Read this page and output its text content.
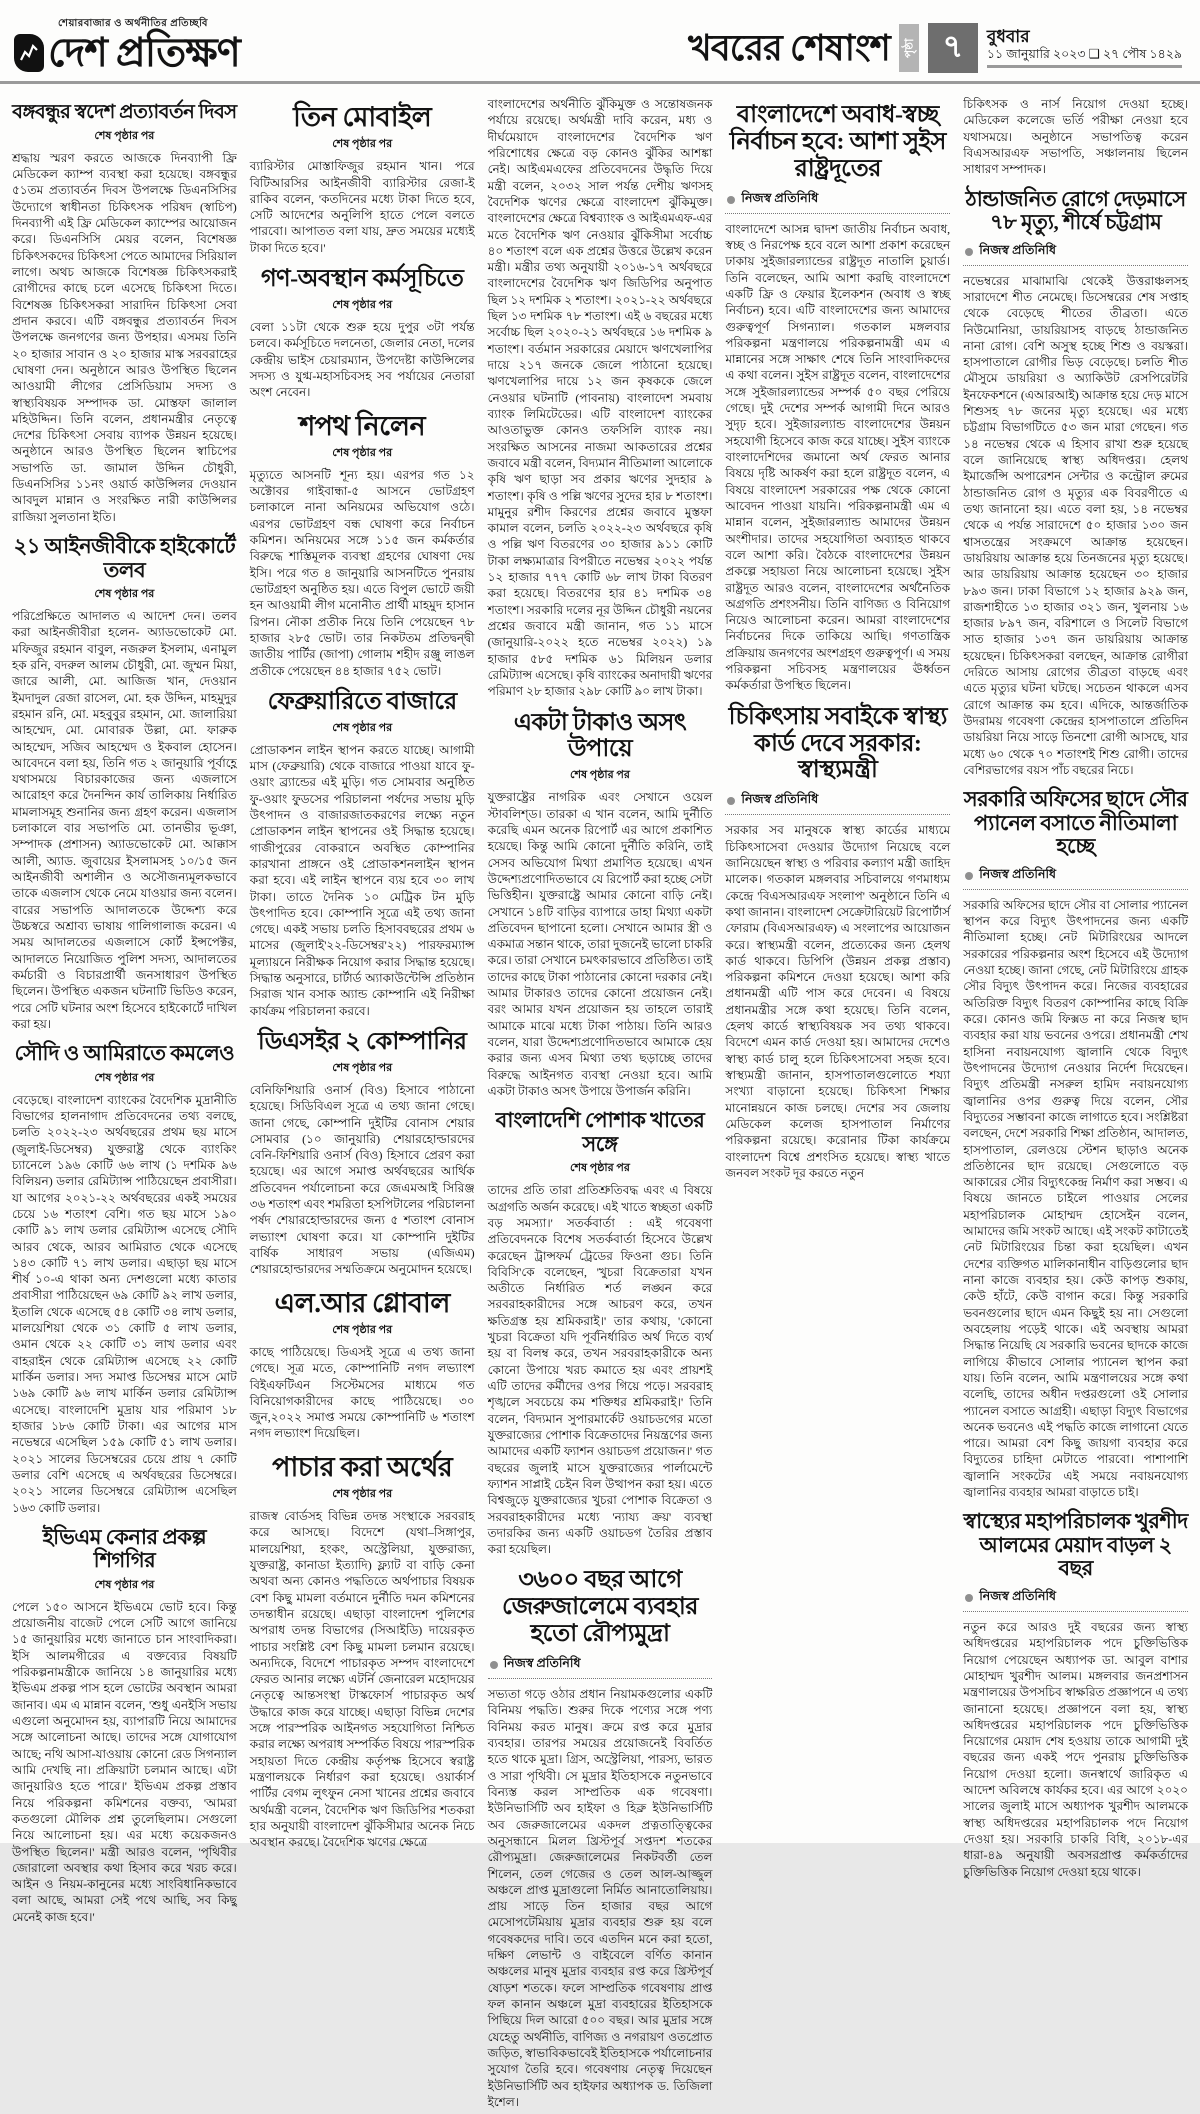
শেয়ারবাজার ও অর্থনীতির প্রতিচ্ছবি
দেশ প্রতিক্ষণ	খবরের শেষাংশ পৃষ্ঠা ৭	বুধবার
১১ জানুয়ারি ২০২৩ ❑ ২৭ পৌষ ১৪২৯
বঙ্গবন্ধুর স্বদেশ প্রত্যাবর্তন দিবস
শেষ পৃষ্ঠার পর

শ্রদ্ধায় স্মরণ করতে আজকে দিনব্যাপী ফ্রি মেডিকেল ক্যাম্প ব্যবস্থা করা হয়েছে। বঙ্গবন্ধুর ৫১তম প্রত্যাবর্তন দিবস উপলক্ষে ডিএনসিসির উদ্যোগে স্বাধীনতা চিকিৎসক পরিষদ (স্বাচিপ) দিনব্যাপী এই ফ্রি মেডিকেল ক্যাম্পের আয়োজন করে। ডিএনসিসি মেয়র বলেন, বিশেষজ্ঞ চিকিৎসকদের চিকিৎসা পেতে আমাদের সিরিয়াল লাগে। অথচ আজকে বিশেষজ্ঞ চিকিৎসকরাই রোগীদের কাছে চলে এসেছে চিকিৎসা দিতে। বিশেষজ্ঞ চিকিৎসকরা সারাদিন চিকিৎসা সেবা প্রদান করবে। এটি বঙ্গবন্ধুর প্রত্যাবর্তন দিবস উপলক্ষে জনগণের জন্য উপহার। এসময় তিনি ২০ হাজার সাবান ও ২০ হাজার মাস্ক সরবরাহের ঘোষণা দেন। অনুষ্ঠানে আরও উপস্থিত ছিলেন আওয়ামী লীগের প্রেসিডিয়াম সদস্য ও স্বাস্থ্যবিষয়ক সম্পাদক ডা. মোস্তফা জালাল মহিউদ্দিন। তিনি বলেন, প্রধানমন্ত্রীর নেতৃত্বে দেশের চিকিৎসা সেবায় ব্যাপক উন্নয়ন হয়েছে। অনুষ্ঠানে আরও উপস্থিত ছিলেন স্বাচিপের সভাপতি ডা. জামাল উদ্দিন চৌধুরী, ডিএনসিসির ১১নং ওয়ার্ড কাউন্সিলর দেওয়ান আবদুল মান্নান ও সংরক্ষিত নারী কাউন্সিলর রাজিয়া সুলতানা ইতি।

২১ আইনজীবীকে হাইকোর্টে তলব
শেষ পৃষ্ঠার পর

পরিপ্রেক্ষিতে আদালত এ আদেশ দেন। তলব করা আইনজীবীরা হলেন- অ্যাডভোকেট মো. মফিজুর রহমান বাবুল, নজরুল ইসলাম, এনামুল হক রনি, বদরুল আলম চৌধুরী, মো. জুম্মন মিয়া, জারে আলী, মো. আজিজ খান, দেওয়ান ইমদাদুল রেজা রাসেল, মো. হক উদ্দিন, মাহমুদুর রহমান রনি, মো. মহবুবুর রহমান, মো. জালারিয়া আহম্মেদ, মো. মোবারক উল্লা, মো. ফারুক আহম্মেদ, সজিব আহম্মেদ ও ইকবাল হোসেন। আবেদনে বলা হয়, তিনি গত ২ জানুয়ারি পূর্বাহ্ণে যথাসময়ে বিচারকাজের জন্য এজলাসে আরোহণ করে দৈনন্দিন কার্য তালিকায় নির্ধারিত মামলাসমূহ শুনানির জন্য গ্রহণ করেন। এজলাস চলাকালে বার সভাপতি মো. তানভীর ভূঞা, সম্পাদক (প্রশাসন) অ্যাডভোকেট মো. আক্কাস আলী, অ্যাড. জুবায়ের ইসলামসহ ১০/১৫ জন আইনজীবী অশালীন ও অসৌজন্যমূলকভাবে তাকে এজলাস থেকে নেমে যাওয়ার জন্য বলেন। বারের সভাপতি আদালতকে উদ্দেশ্য করে উচ্চস্বরে অশ্রাব্য ভাষায় গালিগালাজ করেন। এ সময় আদালতের এজলাসে কোর্ট ইন্সপেক্টর, আদালতে নিয়োজিত পুলিশ সদস্য, আদালতের কর্মচারী ও বিচারপ্রার্থী জনসাধারণ উপস্থিত ছিলেন। উপস্থিত একজন ঘটনাটি ভিডিও করেন, পরে সেটি ঘটনার অংশ হিসেবে হাইকোর্টে দাখিল করা হয়।

সৌদি ও আমিরাতে কমলেও
শেষ পৃষ্ঠার পর

বেড়েছে। বাংলাদেশ ব্যাংকের বৈদেশিক মুদ্রানীতি বিভাগের হালনাগাদ প্রতিবেদনের তথ্য বলছে, চলতি ২০২২-২৩ অর্থবছরের প্রথম ছয় মাসে (জুলাই-ডিসেম্বর) যুক্তরাষ্ট্র থেকে ব্যাংকিং চ্যানেলে ১৯৬ কোটি ৬৬ লাখ (১ দশমিক ৯৬ বিলিয়ন) ডলার রেমিট্যান্স পাঠিয়েছেন প্রবাসীরা। যা আগের ২০২১-২২ অর্থবছরের একই সময়ের চেয়ে ১৬ শতাংশ বেশি। গত ছয় মাসে ১৯০ কোটি ৯১ লাখ ডলার রেমিট্যান্স এসেছে সৌদি আরব থেকে, আরব আমিরাত থেকে এসেছে ১৪৩ কোটি ৭১ লাখ ডলার। এছাড়া ছয় মাসে শীর্ষ ১০-এ থাকা অন্য দেশগুলো মধ্যে কাতার প্রবাসীরা পাঠিয়েছেন ৬৯ কোটি ৯২ লাখ ডলার, ইতালি থেকে এসেছে ৫৪ কোটি ৩৪ লাখ ডলার, মালয়েশিয়া থেকে ৩১ কোটি ৫ লাখ ডলার, ওমান থেকে ২২ কোটি ৩১ লাখ ডলার এবং বাহরাইন থেকে রেমিট্যান্স এসেছে ২২ কোটি মার্কিন ডলার। সদ্য সমাপ্ত ডিসেম্বর মাসে মোট ১৬৯ কোটি ৯৬ লাখ মার্কিন ডলার রেমিট্যান্স এসেছে। বাংলাদেশি মুদ্রায় যার পরিমাণ ১৮ হাজার ১৮৬ কোটি টাকা। এর আগের মাস নভেম্বরে এসেছিল ১৫৯ কোটি ৫১ লাখ ডলার। ২০২১ সালের ডিসেম্বরের চেয়ে প্রায় ৭ কোটি ডলার বেশি এসেছে এ অর্থবছরের ডিসেম্বরে। ২০২১ সালের ডিসেম্বরে রেমিট্যান্স এসেছিল ১৬৩ কোটি ডলার।

ইভিএম কেনার প্রকল্প শিগগির
শেষ পৃষ্ঠার পর

পেলে ১৫০ আসনে ইভিএমে ভোট হবে। কিন্তু প্রয়োজনীয় বাজেট পেলে সেটি আগে জানিয়ে ১৫ জানুয়ারির মধ্যে জানাতে চান সাংবাদিকরা। ইসি আলমগীরের এ বক্তব্যের বিষয়টি পরিকল্পনামন্ত্রীকে জানিয়ে ১৪ জানুয়ারির মধ্যে ইভিএম প্রকল্প পাস হলে ভোটের অবস্থান আমরা জানাব। এম এ মান্নান বলেন, 'শুধু এনইসি সভায় এগুলো অনুমোদন হয়, ব্যাপারটি নিয়ে আমাদের সঙ্গে আলোচনা আছে। তাদের সঙ্গে যোগাযোগ আছে; নথি আসা-যাওয়ায় কোনো রেড সিগন্যাল আমি দেখছি না। প্রক্রিয়াটা চলমান আছে। এটা জানুয়ারিও হতে পারে।' ইভিএম প্রকল্প প্রস্তাব নিয়ে পরিকল্পনা কমিশনের বক্তব্য, 'আমরা কতগুলো মৌলিক প্রশ্ন তুলেছিলাম। সেগুলো নিয়ে আলোচনা হয়। এর মধ্যে কয়েকজনও উপস্থিত ছিলেন।' মন্ত্রী আরও বলেন, 'পৃথিবীর জোরালো অবস্থার কথা হিসাব করে খরচ করে। আইন ও নিয়ম-কানুনের মধ্যে সাংবিধানিকভাবে বলা আছে, আমরা সেই পথে আছি, সব কিছু মেনেই কাজ হবে।'

তিন মোবাইল
শেষ পৃষ্ঠার পর

ব্যারিস্টার মোস্তাফিজুর রহমান খান। পরে বিটিআরসির আইনজীবী ব্যারিস্টার রেজা-ই রাকিব বলেন, 'কতদিনের মধ্যে টাকা দিতে হবে, সেটি আদেশের অনুলিপি হাতে পেলে বলতে পারবো। আপাতত বলা যায়, দ্রুত সময়ের মধ্যেই টাকা দিতে হবে।'

গণ-অবস্থান কর্মসূচিতে
শেষ পৃষ্ঠার পর

বেলা ১১টা থেকে শুরু হয়ে দুপুর ৩টা পর্যন্ত চলবে। কর্মসূচিতে দলনেতা, জেলার নেতা, দলের কেন্দ্রীয় ভাইস চেয়ারম্যান, উপদেষ্টা কাউন্সিলের সদস্য ও যুগ্ম-মহাসচিবসহ সব পর্যায়ের নেতারা অংশ নেবেন।

শপথ নিলেন
শেষ পৃষ্ঠার পর

মৃত্যুতে আসনটি শূন্য হয়। এরপর গত ১২ অক্টোবর গাইবান্ধা-৫ আসনে ভোটগ্রহণ চলাকালে নানা অনিয়মের অভিযোগ ওঠে। এরপর ভোটগ্রহণ বন্ধ ঘোষণা করে নির্বাচন কমিশন। অনিয়মের সঙ্গে ১১৫ জন কর্মকর্তার বিরুদ্ধে শাস্তিমূলক ব্যবস্থা গ্রহণের ঘোষণা দেয় ইসি। পরে গত ৪ জানুয়ারি আসনটিতে পুনরায় ভোটগ্রহণ অনুষ্ঠিত হয়। এতে বিপুল ভোটে জয়ী হন আওয়ামী লীগ মনোনীত প্রার্থী মাহমুদ হাসান রিপন। নৌকা প্রতীক নিয়ে তিনি পেয়েছেন ৭৮ হাজার ২৮৫ ভোট। তার নিকটতম প্রতিদ্বন্দ্বী জাতীয় পার্টির (জাপা) গোলাম শহীদ রঞ্জু লাঙল প্রতীকে পেয়েছেন ৪৪ হাজার ৭৫২ ভোট।

ফেব্রুয়ারিতে বাজারে
শেষ পৃষ্ঠার পর

প্রোডাকশন লাইন স্থাপন করতে যাচ্ছে। আগামী মাস (ফেব্রুয়ারি) থেকে বাজারে পাওয়া যাবে ফু-ওয়াং ব্র্যান্ডের এই মুড়ি। গত সোমবার অনুষ্ঠিত ফু-ওয়াং ফুডসের পরিচালনা পর্ষদের সভায় মুড়ি উৎপাদন ও বাজারজাতকরণের লক্ষ্যে নতুন প্রোডাকশন লাইন স্থাপনের ওই সিদ্ধান্ত হয়েছে। গাজীপুরের বোকরানে অবস্থিত কোম্পানির কারখানা প্রাঙ্গনে ওই প্রোডাকশনলাইন স্থাপন করা হবে। এই লাইন স্থাপনে ব্যয় হবে ৩০ লাখ টাকা। তাতে দৈনিক ১০ মেট্রিক টন মুড়ি উৎপাদিত হবে। কোম্পানি সূত্রে এই তথ্য জানা গেছে। একই সভায় চলতি হিসাববছরের প্রথম ৬ মাসের (জুলাই'২২-ডিসেম্বর'২২) পারফরম্যান্স মূল্যায়নে নিরীক্ষক নিয়োগ করার সিদ্ধান্ত হয়েছে। সিদ্ধান্ত অনুসারে, চার্টার্ড অ্যাকাউন্টেন্সি প্রতিষ্ঠান সিরাজ খান বসাক অ্যান্ড কোম্পানি এই নিরীক্ষা কার্যক্রম পরিচালনা করবে।

ডিএসইর ২ কোম্পানির
শেষ পৃষ্ঠার পর

বেনিফিশিয়ারি ওনার্স (বিও) হিসাবে পাঠানো হয়েছে। সিডিবিএল সূত্রে এ তথ্য জানা গেছে। জানা গেছে, কোম্পানি দুইটির বোনাস শেয়ার সোমবার (১০ জানুয়ারি) শেয়ারহোল্ডারদের বেনি-ফিশিয়ারি ওনার্স (বিও) হিসাবে প্রেরণ করা হয়েছে। এর আগে সমাপ্ত অর্থবছরের আর্থিক প্রতিবেদন পর্যালোচনা করে জেএমআই সিরিঞ্জ ৩৬ শতাংশ এবং শমরিতা হসপিটালের পরিচালনা পর্ষদ শেয়ারহোল্ডারদের জন্য ৫ শতাংশ বোনাস লভ্যাংশ ঘোষণা করে। যা কোম্পানি দুইটির বার্ষিক সাধারণ সভায় (এজিএম) শেয়ারহোল্ডারদের সম্মতিক্রমে অনুমোদন হয়েছে।

এল.আর গ্লোবাল
শেষ পৃষ্ঠার পর

কাছে পাঠিয়েছে। ডিএসই সূত্রে এ তথ্য জানা গেছে। সূত্র মতে, কোম্পানিটি নগদ লভ্যাংশ বিইএফটিএন সিস্টেমসের মাধ্যমে গত বিনিয়োগকারীদের কাছে পাঠিয়েছে। ৩০ জুন,২০২২ সমাপ্ত সময়ে কোম্পানিটি ৬ শতাংশ নগদ লভ্যাংশ দিয়েছিল।

পাচার করা অর্থের
শেষ পৃষ্ঠার পর

রাজস্ব বোর্ডসহ বিভিন্ন তদন্ত সংস্থাকে সরবরাহ করে আসছে। বিদেশে (যথা–সিঙ্গাপুর, মালয়েশিয়া, হংকং, অস্ট্রেলিয়া, যুক্তরাজ্য, যুক্তরাষ্ট্র, কানাডা ইত্যাদি) ফ্ল্যাট বা বাড়ি কেনা অথবা অন্য কোনও পদ্ধতিতে অর্থপাচার বিষয়ক বেশ কিছু মামলা বর্তমানে দুর্নীতি দমন কমিশনের তদন্তাধীন রয়েছে। এছাড়া বাংলাদেশ পুলিশের অপরাধ তদন্ত বিভাগের (সিআইডি) দায়েরকৃত পাচার সংশ্লিষ্ট বেশ কিছু মামলা চলমান রয়েছে। অন্যদিকে, বিদেশে পাচারকৃত সম্পদ বাংলাদেশে ফেরত আনার লক্ষ্যে এটর্নি জেনারেল মহোদয়ের নেতৃত্বে আন্তসংস্থা টাস্কফোর্স পাচারকৃত অর্থ উদ্ধারে কাজ করে যাচ্ছে। এছাড়া বিভিন্ন দেশের সঙ্গে পারস্পরিক আইনগত সহযোগিতা নিশ্চিত করার লক্ষ্যে অপরাধ সম্পর্কিত বিষয়ে পারস্পরিক সহায়তা দিতে কেন্দ্রীয় কর্তৃপক্ষ হিসেবে স্বরাষ্ট্র মন্ত্রণালয়কে নির্ধারণ করা হয়েছে। ওয়ার্কার্স পার্টির বেগম লুৎফুন নেসা খানের প্রশ্নের জবাবে অর্থমন্ত্রী বলেন, বৈদেশিক ঋণ জিডিপির শতকরা হার অনুযায়ী বাংলাদেশ ঝুঁকিসীমার অনেক নিচে অবস্থান করছে। বৈদেশিক ঋণের ক্ষেত্রে

বাংলাদেশের অর্থনীতি ঝুঁকিমুক্ত ও সন্তোষজনক পর্যায়ে রয়েছে। অর্থমন্ত্রী দাবি করেন, মধ্য ও দীর্ঘমেয়াদে বাংলাদেশের বৈদেশিক ঋণ পরিশোধের ক্ষেত্রে বড় কোনও ঝুঁকির আশঙ্কা নেই। আইএমএফের প্রতিবেদনের উদ্ধৃতি দিয়ে মন্ত্রী বলেন, ২০৩২ সাল পর্যন্ত দেশীয় ঋণসহ বৈদেশিক ঋণের ক্ষেত্রে বাংলাদেশ ঝুঁকিমুক্ত। বাংলাদেশের ক্ষেত্রে বিশ্বব্যাংক ও আইএমএফ-এর মতে বৈদেশিক ঋণ নেওয়ার ঝুঁকিসীমা সর্বোচ্চ ৪০ শতাংশ বলে এক প্রশ্নের উত্তরে উল্লেখ করেন মন্ত্রী। মন্ত্রীর তথ্য অনুযায়ী ২০১৬-১৭ অর্থবছরে বাংলাদেশের বৈদেশিক ঋণ জিডিপির অনুপাত ছিল ১২ দশমিক ২ শতাংশ। ২০২১-২২ অর্থবছরে ছিল ১৩ দশমিক ৭৮ শতাংশ। এই ৬ বছরের মধ্যে সর্বোচ্চ ছিল ২০২০-২১ অর্থবছরে ১৬ দশমিক ৯ শতাংশ। বর্তমান সরকারের মেয়াদে ঋণখেলাপির দায়ে ২১৭ জনকে জেলে পাঠানো হয়েছে। ঋণখেলাপির দায়ে ১২ জন কৃষককে জেলে নেওয়ার ঘটনাটি (পাবনায়) বাংলাদেশ সমবায় ব্যাংক লিমিটেডের। এটি বাংলাদেশ ব্যাংকের আওতাভুক্ত কোনও তফসিলি ব্যাংক নয়। সংরক্ষিত আসনের নাজমা আকতারের প্রশ্নের জবাবে মন্ত্রী বলেন, বিদ্যমান নীতিমালা আলোকে কৃষি ঋণ ছাড়া সব প্রকার ঋণের সুদহার ৯ শতাংশ। কৃষি ও পল্লি ঋণের সুদের হার ৮ শতাংশ। মামুনুর রশীদ কিরণের প্রশ্নের জবাবে মুস্তফা কামাল বলেন, চলতি ২০২২-২৩ অর্থবছরে কৃষি ও পল্লি ঋণ বিতরণের ৩০ হাজার ৯১১ কোটি টাকা লক্ষ্যমাত্রার বিপরীতে নভেম্বর ২০২২ পর্যন্ত ১২ হাজার ৭৭৭ কোটি ৬৮ লাখ টাকা বিতরণ করা হয়েছে। বিতরণের হার ৪১ দশমিক ৩৪ শতাংশ। সরকারি দলের নূর উদ্দিন চৌধুরী নয়নের প্রশ্নের জবাবে মন্ত্রী জানান, গত ১১ মাসে (জানুয়ারি-২০২২ হতে নভেম্বর ২০২২) ১৯ হাজার ৫৮৫ দশমিক ৬১ মিলিয়ন ডলার রেমিট্যান্স এসেছে। কৃষি ব্যাংকের অনাদায়ী ঋণের পরিমাণ ২৮ হাজার ২৯৮ কোটি ৯০ লাখ টাকা।

একটা টাকাও অসৎ উপায়ে
শেষ পৃষ্ঠার পর

যুক্তরাষ্ট্রের নাগরিক এবং সেখানে ওয়েল স্টাবলিশ্ড। তারকা এ খান বলেন, আমি দুর্নীতি করেছি এমন অনেক রিপোর্ট এর আগে প্রকাশিত হয়েছে। কিন্তু আমি কোনো দুর্নীতি করিনি, তাই সেসব অভিযোগ মিথ্যা প্রমাণিত হয়েছে। এখন উদ্দেশ্যপ্রণোদিতভাবে যে রিপোর্ট করা হচ্ছে সেটা ভিত্তিহীন। যুক্তরাষ্ট্রে আমার কোনো বাড়ি নেই। সেখানে ১৪টি বাড়ির ব্যাপারে ডাহা মিথ্যা একটা প্রতিবেদন ছাপানো হলো। সেখানে আমার স্ত্রী ও একমাত্র সন্তান থাকে, তারা দুজনেই ভালো চাকরি করে। তারা সেখানে চমৎকারভাবে প্রতিষ্ঠিত। তাই তাদের কাছে টাকা পাঠানোর কোনো দরকার নেই। আমার টাকারও তাদের কোনো প্রয়োজন নেই। বরং আমার যখন প্রয়োজন হয় তাহলে তারাই আমাকে মাঝে মধ্যে টাকা পাঠায়। তিনি আরও বলেন, যারা উদ্দেশ্যপ্রণোদিতভাবে আমাকে হেয় করার জন্য এসব মিথ্যা তথ্য ছড়াচ্ছে তাদের বিরুদ্ধে আইনগত ব্যবস্থা নেওয়া হবে। আমি একটা টাকাও অসৎ উপায়ে উপার্জন করিনি।

বাংলাদেশি পোশাক খাতের সঙ্গে
শেষ পৃষ্ঠার পর

তাদের প্রতি তারা প্রতিশ্রুতিবদ্ধ এবং এ বিষয়ে অগ্রগতি অর্জন করেছে। এই খাতে স্বচ্ছতা একটি বড় সমস্যা।' সতর্কবার্তা : এই গবেষণা প্রতিবেদনকে বিশেষ সতর্কবার্তা হিসেবে উল্লেখ করেছেন ট্রান্সফর্ম ট্রেডের ফিওনা গুচ। তিনি বিবিসি'কে বলেছেন, 'খুচরা বিক্রেতারা যখন অতীতে নির্ধারিত শর্ত লঙ্ঘন করে সরবরাহকারীদের সঙ্গে আচরণ করে, তখন ক্ষতিগ্রস্ত হয় শ্রমিকরাই।' তার কথায়, 'কোনো খুচরা বিক্রেতা যদি পূর্বনির্ধারিত অর্থ দিতে ব্যর্থ হয় বা বিলম্ব করে, তখন সরবরাহকারীকে অন্য কোনো উপায়ে খরচ কমাতে হয় এবং প্রায়শই এটি তাদের কর্মীদের ওপর গিয়ে পড়ে। সরবরাহ শৃঙ্খলে সবচেয়ে কম শক্তিধর শ্রমিকরাই।' তিনি বলেন, 'বিদ্যমান সুপারমার্কেট ওয়াচডগের মতো যুক্তরাজ্যের পোশাক বিক্রেতাদের নিয়ন্ত্রণের জন্য আমাদের একটি ফ্যাশন ওয়াচডগ প্রয়োজন।' গত বছরের জুলাই মাসে যুক্তরাজ্যের পার্লামেন্টে ফ্যাশন সাপ্লাই চেইন বিল উত্থাপন করা হয়। এতে বিশ্বজুড়ে যুক্তরাজ্যের খুচরা পোশাক বিক্রেতা ও সরবরাহকারীদের মধ্যে 'ন্যায্য ক্রয়' ব্যবস্থা তদারকির জন্য একটি ওয়াচডগ তৈরির প্রস্তাব করা হয়েছিল।

৩৬০০ বছর আগে জেরুজালেমে ব্যবহার হতো রৌপ্যমুদ্রা
নিজস্ব প্রতিনিধি

সভ্যতা গড়ে ওঠার প্রধান নিয়ামকগুলোর একটি বিনিময় পদ্ধতি। শুরুর দিকে পণ্যের সঙ্গে পণ্য বিনিময় করত মানুষ। ক্রমে রপ্ত করে মুদ্রার ব্যবহার। তারপর সময়ের প্রয়োজনেই বিবর্তিত হতে থাকে মুদ্রা। গ্রিস, অস্ট্রেলিয়া, পারস্য, ভারত ও সারা পৃথিবী। সে মুদ্রার ইতিহাসকে নতুনভাবে বিন্যস্ত করল সাম্প্রতিক এক গবেষণা। ইউনিভার্সিটি অব হাইফা ও হিব্রু ইউনিভার্সিটি অব জেরুজালেমের একদল প্রত্নতাত্ত্বিকের অনুসন্ধানে মিলল খ্রিস্টপূর্ব সপ্তদশ শতকের রৌপ্যমুদ্রা। জেরুজালেমের নিকটবর্তী তেল শিলেন, তেল গেজের ও তেল আল-আজ্জুল অঞ্চলে প্রাপ্ত মুদ্রাগুলো নির্মিত আনাতোলিয়ায়। প্রায় সাড়ে তিন হাজার বছর আগে মেসোপটেমিয়ায় মুদ্রার ব্যবহার শুরু হয় বলে গবেষকদের দাবি। তবে এতদিন মনে করা হতো, দক্ষিণ লেভান্ট ও বাইবেলে বর্ণিত কানান অঞ্চলের মানুষ মুদ্রার ব্যবহার রপ্ত করে খ্রিস্টপূর্ব ষোড়শ শতকে। ফলে সাম্প্রতিক গবেষণায় প্রাপ্ত ফল কানান অঞ্চলে মুদ্রা ব্যবহারের ইতিহাসকে পিছিয়ে দিল আরো ৫০০ বছর। আর মুদ্রার সঙ্গে যেহেতু অর্থনীতি, বাণিজ্য ও নগরায়ণ ওতপ্রোত জড়িত, স্বাভাবিকভাবেই ইতিহাসকে পর্যালোচনার সুযোগ তৈরি হবে। গবেষণায় নেতৃত্ব দিয়েছেন ইউনিভার্সিটি অব হাইফার অধ্যাপক ড. তিজিলা ইশেল।

বাংলাদেশে অবাধ-স্বচ্ছ নির্বাচন হবে: আশা সুইস রাষ্ট্রদূতের
নিজস্ব প্রতিনিধি

বাংলাদেশে আসন্ন দ্বাদশ জাতীয় নির্বাচন অবাধ, স্বচ্ছ ও নিরপেক্ষ হবে বলে আশা প্রকাশ করেছেন ঢাকায় সুইজারল্যান্ডের রাষ্ট্রদূত নাতালি চুয়ার্ড। তিনি বলেছেন, আমি আশা করছি বাংলাদেশে একটি ফ্রি ও ফেয়ার ইলেকশন (অবাধ ও স্বচ্ছ নির্বাচন) হবে। এটি বাংলাদেশের জন্য আমাদের গুরুত্বপূর্ণ সিগন্যাল। গতকাল মঙ্গলবার পরিকল্পনা মন্ত্রণালয়ে পরিকল্পনামন্ত্রী এম এ মান্নানের সঙ্গে সাক্ষাৎ শেষে তিনি সাংবাদিকদের এ কথা বলেন। সুইস রাষ্ট্রদূত বলেন, বাংলাদেশের সঙ্গে সুইজারল্যান্ডের সম্পর্ক ৫০ বছর পেরিয়ে গেছে। দুই দেশের সম্পর্ক আগামী দিনে আরও সুদৃঢ় হবে। সুইজারল্যান্ড বাংলাদেশের উন্নয়ন সহযোগী হিসেবে কাজ করে যাচ্ছে। সুইস ব্যাংকে বাংলাদেশিদের জমানো অর্থ ফেরত আনার বিষয়ে দৃষ্টি আকর্ষণ করা হলে রাষ্ট্রদূত বলেন, এ বিষয়ে বাংলাদেশ সরকারের পক্ষ থেকে কোনো আবেদন পাওয়া যায়নি। পরিকল্পনামন্ত্রী এম এ মান্নান বলেন, সুইজারল্যান্ড আমাদের উন্নয়ন অংশীদার। তাদের সহযোগিতা অব্যাহত থাকবে বলে আশা করি। বৈঠকে বাংলাদেশের উন্নয়ন প্রকল্পে সহায়তা নিয়ে আলোচনা হয়েছে। সুইস রাষ্ট্রদূত আরও বলেন, বাংলাদেশের অর্থনৈতিক অগ্রগতি প্রশংসনীয়। তিনি বাণিজ্য ও বিনিয়োগ নিয়েও আলোচনা করেন। আমরা বাংলাদেশের নির্বাচনের দিকে তাকিয়ে আছি। গণতান্ত্রিক প্রক্রিয়ায় জনগণের অংশগ্রহণ গুরুত্বপূর্ণ। এ সময় পরিকল্পনা সচিবসহ মন্ত্রণালয়ের ঊর্ধ্বতন কর্মকর্তারা উপস্থিত ছিলেন।

চিকিৎসায় সবাইকে স্বাস্থ্য কার্ড দেবে সরকার: স্বাস্থ্যমন্ত্রী
নিজস্ব প্রতিনিধি

সরকার সব মানুষকে স্বাস্থ্য কার্ডের মাধ্যমে চিকিৎসাসেবা দেওয়ার উদ্যোগ নিয়েছে বলে জানিয়েছেন স্বাস্থ্য ও পরিবার কল্যাণ মন্ত্রী জাহিদ মালেক। গতকাল মঙ্গলবার সচিবালয়ে গণমাধ্যম কেন্দ্রে 'বিএসআরএফ সংলাপ' অনুষ্ঠানে তিনি এ কথা জানান। বাংলাদেশ সেক্রেটারিয়েট রিপোর্টার্স ফোরাম (বিএসআরএফ) এ সংলাপের আয়োজন করে। স্বাস্থ্যমন্ত্রী বলেন, প্রত্যেকের জন্য হেলথ কার্ড থাকবে। ডিপিপি (উন্নয়ন প্রকল্প প্রস্তাব) পরিকল্পনা কমিশনে দেওয়া হয়েছে। আশা করি প্রধানমন্ত্রী এটি পাস করে দেবেন। এ বিষয়ে প্রধানমন্ত্রীর সঙ্গে কথা হয়েছে। তিনি বলেন, হেলথ কার্ডে স্বাস্থ্যবিষয়ক সব তথ্য থাকবে। বিদেশে এমন কার্ড দেওয়া হয়। আমাদের দেশেও স্বাস্থ্য কার্ড চালু হলে চিকিৎসাসেবা সহজ হবে। স্বাস্থ্যমন্ত্রী জানান, হাসপাতালগুলোতে শয্যা সংখ্যা বাড়ানো হয়েছে। চিকিৎসা শিক্ষার মানোন্নয়নে কাজ চলছে। দেশের সব জেলায় মেডিকেল কলেজ হাসপাতাল নির্মাণের পরিকল্পনা রয়েছে। করোনার টিকা কার্যক্রমে বাংলাদেশ বিশ্বে প্রশংসিত হয়েছে। স্বাস্থ্য খাতে জনবল সংকট দূর করতে নতুন

চিকিৎসক ও নার্স নিয়োগ দেওয়া হচ্ছে। মেডিকেল কলেজে ভর্তি পরীক্ষা নেওয়া হবে যথাসময়ে। অনুষ্ঠানে সভাপতিত্ব করেন বিএসআরএফ সভাপতি, সঞ্চালনায় ছিলেন সাধারণ সম্পাদক।

ঠান্ডাজনিত রোগে দেড়মাসে ৭৮ মৃত্যু, শীর্ষে চট্টগ্রাম
নিজস্ব প্রতিনিধি

নভেম্বরের মাঝামাঝি থেকেই উত্তরাঞ্চলসহ সারাদেশে শীত নেমেছে। ডিসেম্বরের শেষ সপ্তাহ থেকে বেড়েছে শীতের তীব্রতা। এতে নিউমোনিয়া, ডায়রিয়াসহ বাড়ছে ঠান্ডাজনিত নানা রোগ। বেশি অসুস্থ হচ্ছে শিশু ও বয়স্করা। হাসপাতালে রোগীর ভিড় বেড়েছে। চলতি শীত মৌসুমে ডায়রিয়া ও অ্যাকিউট রেসপিরেটরি ইনফেকশনে (এআরআই) আক্রান্ত হয়ে দেড় মাসে শিশুসহ ৭৮ জনের মৃত্যু হয়েছে। এর মধ্যে চট্টগ্রাম বিভাগটিতে ৫৩ জন মারা গেছেন। গত ১৪ নভেম্বর থেকে এ হিসাব রাখা শুরু হয়েছে বলে জানিয়েছে স্বাস্থ্য অধিদপ্তর। হেলথ ইমার্জেন্সি অপারেশন সেন্টার ও কন্ট্রোল রুমের ঠান্ডাজনিত রোগ ও মৃত্যুর এক বিবরণীতে এ তথ্য জানানো হয়। এতে বলা হয়, ১৪ নভেম্বর থেকে এ পর্যন্ত সারাদেশে ৫০ হাজার ১৩০ জন শ্বাসতন্ত্রের সংক্রমণে আক্রান্ত হয়েছেন। ডায়রিয়ায় আক্রান্ত হয়ে তিনজনের মৃত্যু হয়েছে। আর ডায়রিয়ায় আক্রান্ত হয়েছেন ৩০ হাজার ৮৯৩ জন। ঢাকা বিভাগে ১২ হাজার ৯২৯ জন, রাজশাহীতে ১৩ হাজার ৩২১ জন, খুলনায় ১৬ হাজার ৮৯৭ জন, বরিশালে ও সিলেট বিভাগে সাত হাজার ১৩৭ জন ডায়রিয়ায় আক্রান্ত হয়েছেন। চিকিৎসকরা বলছেন, আক্রান্ত রোগীরা দেরিতে আসায় রোগের তীব্রতা বাড়ছে এবং এতে মৃত্যুর ঘটনা ঘটছে। সচেতন থাকলে এসব রোগে আক্রান্ত কম হবে। এদিকে, আন্তর্জাতিক উদরাময় গবেষণা কেন্দ্রের হাসপাতালে প্রতিদিন ডায়রিয়া নিয়ে সাড়ে তিনশো রোগী আসছে, যার মধ্যে ৬০ থেকে ৭০ শতাংশই শিশু রোগী। তাদের বেশিরভাগের বয়স পাঁচ বছরের নিচে।

সরকারি অফিসের ছাদে সৌর প্যানেল বসাতে নীতিমালা হচ্ছে
নিজস্ব প্রতিনিধি

সরকারি অফিসের ছাদে সৌর বা সোলার প্যানেল স্থাপন করে বিদ্যুৎ উৎপাদনের জন্য একটি নীতিমালা হচ্ছে। নেট মিটারিংয়ের আদলে সরকারের পরিকল্পনার অংশ হিসেবে এই উদ্যোগ নেওয়া হচ্ছে। জানা গেছে, নেট মিটারিংয়ে গ্রাহক সৌর বিদ্যুৎ উৎপাদন করে। নিজের ব্যবহারের অতিরিক্ত বিদ্যুৎ বিতরণ কোম্পানির কাছে বিক্রি করে। কোনও জমি ফিক্সড না করে নিজস্ব ছাদ ব্যবহার করা যায় ভবনের ওপরে। প্রধানমন্ত্রী শেখ হাসিনা নবায়নযোগ্য জ্বালানি থেকে বিদ্যুৎ উৎপাদনের উদ্যোগ নেওয়ার নির্দেশ দিয়েছেন। বিদ্যুৎ প্রতিমন্ত্রী নসরুল হামিদ নবায়নযোগ্য জ্বালানির ওপর গুরুত্ব দিয়ে বলেন, সৌর বিদ্যুতের সম্ভাবনা কাজে লাগাতে হবে। সংশ্লিষ্টরা বলছেন, দেশে সরকারি শিক্ষা প্রতিষ্ঠান, আদালত, হাসপাতাল, রেলওয়ে স্টেশন ছাড়াও অনেক প্রতিষ্ঠানের ছাদ রয়েছে। সেগুলোতে বড় আকারের সৌর বিদ্যুৎকেন্দ্র নির্মাণ করা সম্ভব। এ বিষয়ে জানতে চাইলে পাওয়ার সেলের মহাপরিচালক মোহাম্মদ হোসেইন বলেন, আমাদের জমি সংকট আছে। এই সংকট কাটাতেই নেট মিটারিংয়ের চিন্তা করা হয়েছিল। এখন দেশের ব্যক্তিগত মালিকানাধীন বাড়িগুলোর ছাদ নানা কাজে ব্যবহার হয়। কেউ কাপড় শুকায়, কেউ হাঁটে, কেউ বাগান করে। কিন্তু সরকারি ভবনগুলোর ছাদে এমন কিছুই হয় না। সেগুলো অবহেলায় পড়েই থাকে। এই অবস্থায় আমরা সিদ্ধান্ত নিয়েছি যে সরকারি ভবনের ছাদকে কাজে লাগিয়ে কীভাবে সোলার প্যানেল স্থাপন করা যায়। তিনি বলেন, আমি মন্ত্রণালয়ের সঙ্গে কথা বলেছি, তাদের অধীন দপ্তরগুলো ওই সোলার প্যানেল বসাতে আগ্রহী। এছাড়া বিদ্যুৎ বিভাগের অনেক ভবনেও এই পদ্ধতি কাজে লাগানো যেতে পারে। আমরা বেশ কিছু জায়গা ব্যবহার করে বিদ্যুতের চাহিদা মেটাতে পারবো। পাশাপাশি জ্বালানি সংকটের এই সময়ে নবায়নযোগ্য জ্বালানির ব্যবহার আমরা বাড়াতে চাই।

স্বাস্থ্যের মহাপরিচালক খুরশীদ আলমের মেয়াদ বাড়ল ২ বছর
নিজস্ব প্রতিনিধি

নতুন করে আরও দুই বছরের জন্য স্বাস্থ্য অধিদপ্তরের মহাপরিচালক পদে চুক্তিভিত্তিক নিয়োগ পেয়েছেন অধ্যাপক ডা. আবুল বাশার মোহাম্মদ খুরশীদ আলম। মঙ্গলবার জনপ্রশাসন মন্ত্রণালয়ের উপসচিব স্বাক্ষরিত প্রজ্ঞাপনে এ তথ্য জানানো হয়েছে। প্রজ্ঞাপনে বলা হয়, স্বাস্থ্য অধিদপ্তরের মহাপরিচালক পদে চুক্তিভিত্তিক নিয়োগের মেয়াদ শেষ হওয়ায় তাকে আগামী দুই বছরের জন্য একই পদে পুনরায় চুক্তিভিত্তিক নিয়োগ দেওয়া হলো। জনস্বার্থে জারিকৃত এ আদেশ অবিলম্বে কার্যকর হবে। এর আগে ২০২০ সালের জুলাই মাসে অধ্যাপক খুরশীদ আলমকে স্বাস্থ্য অধিদপ্তরের মহাপরিচালক পদে নিয়োগ দেওয়া হয়। সরকারি চাকরি বিধি, ২০১৮-এর ধারা-৪৯ অনুযায়ী অবসরপ্রাপ্ত কর্মকর্তাদের চুক্তিভিত্তিক নিয়োগ দেওয়া হয়ে থাকে।
